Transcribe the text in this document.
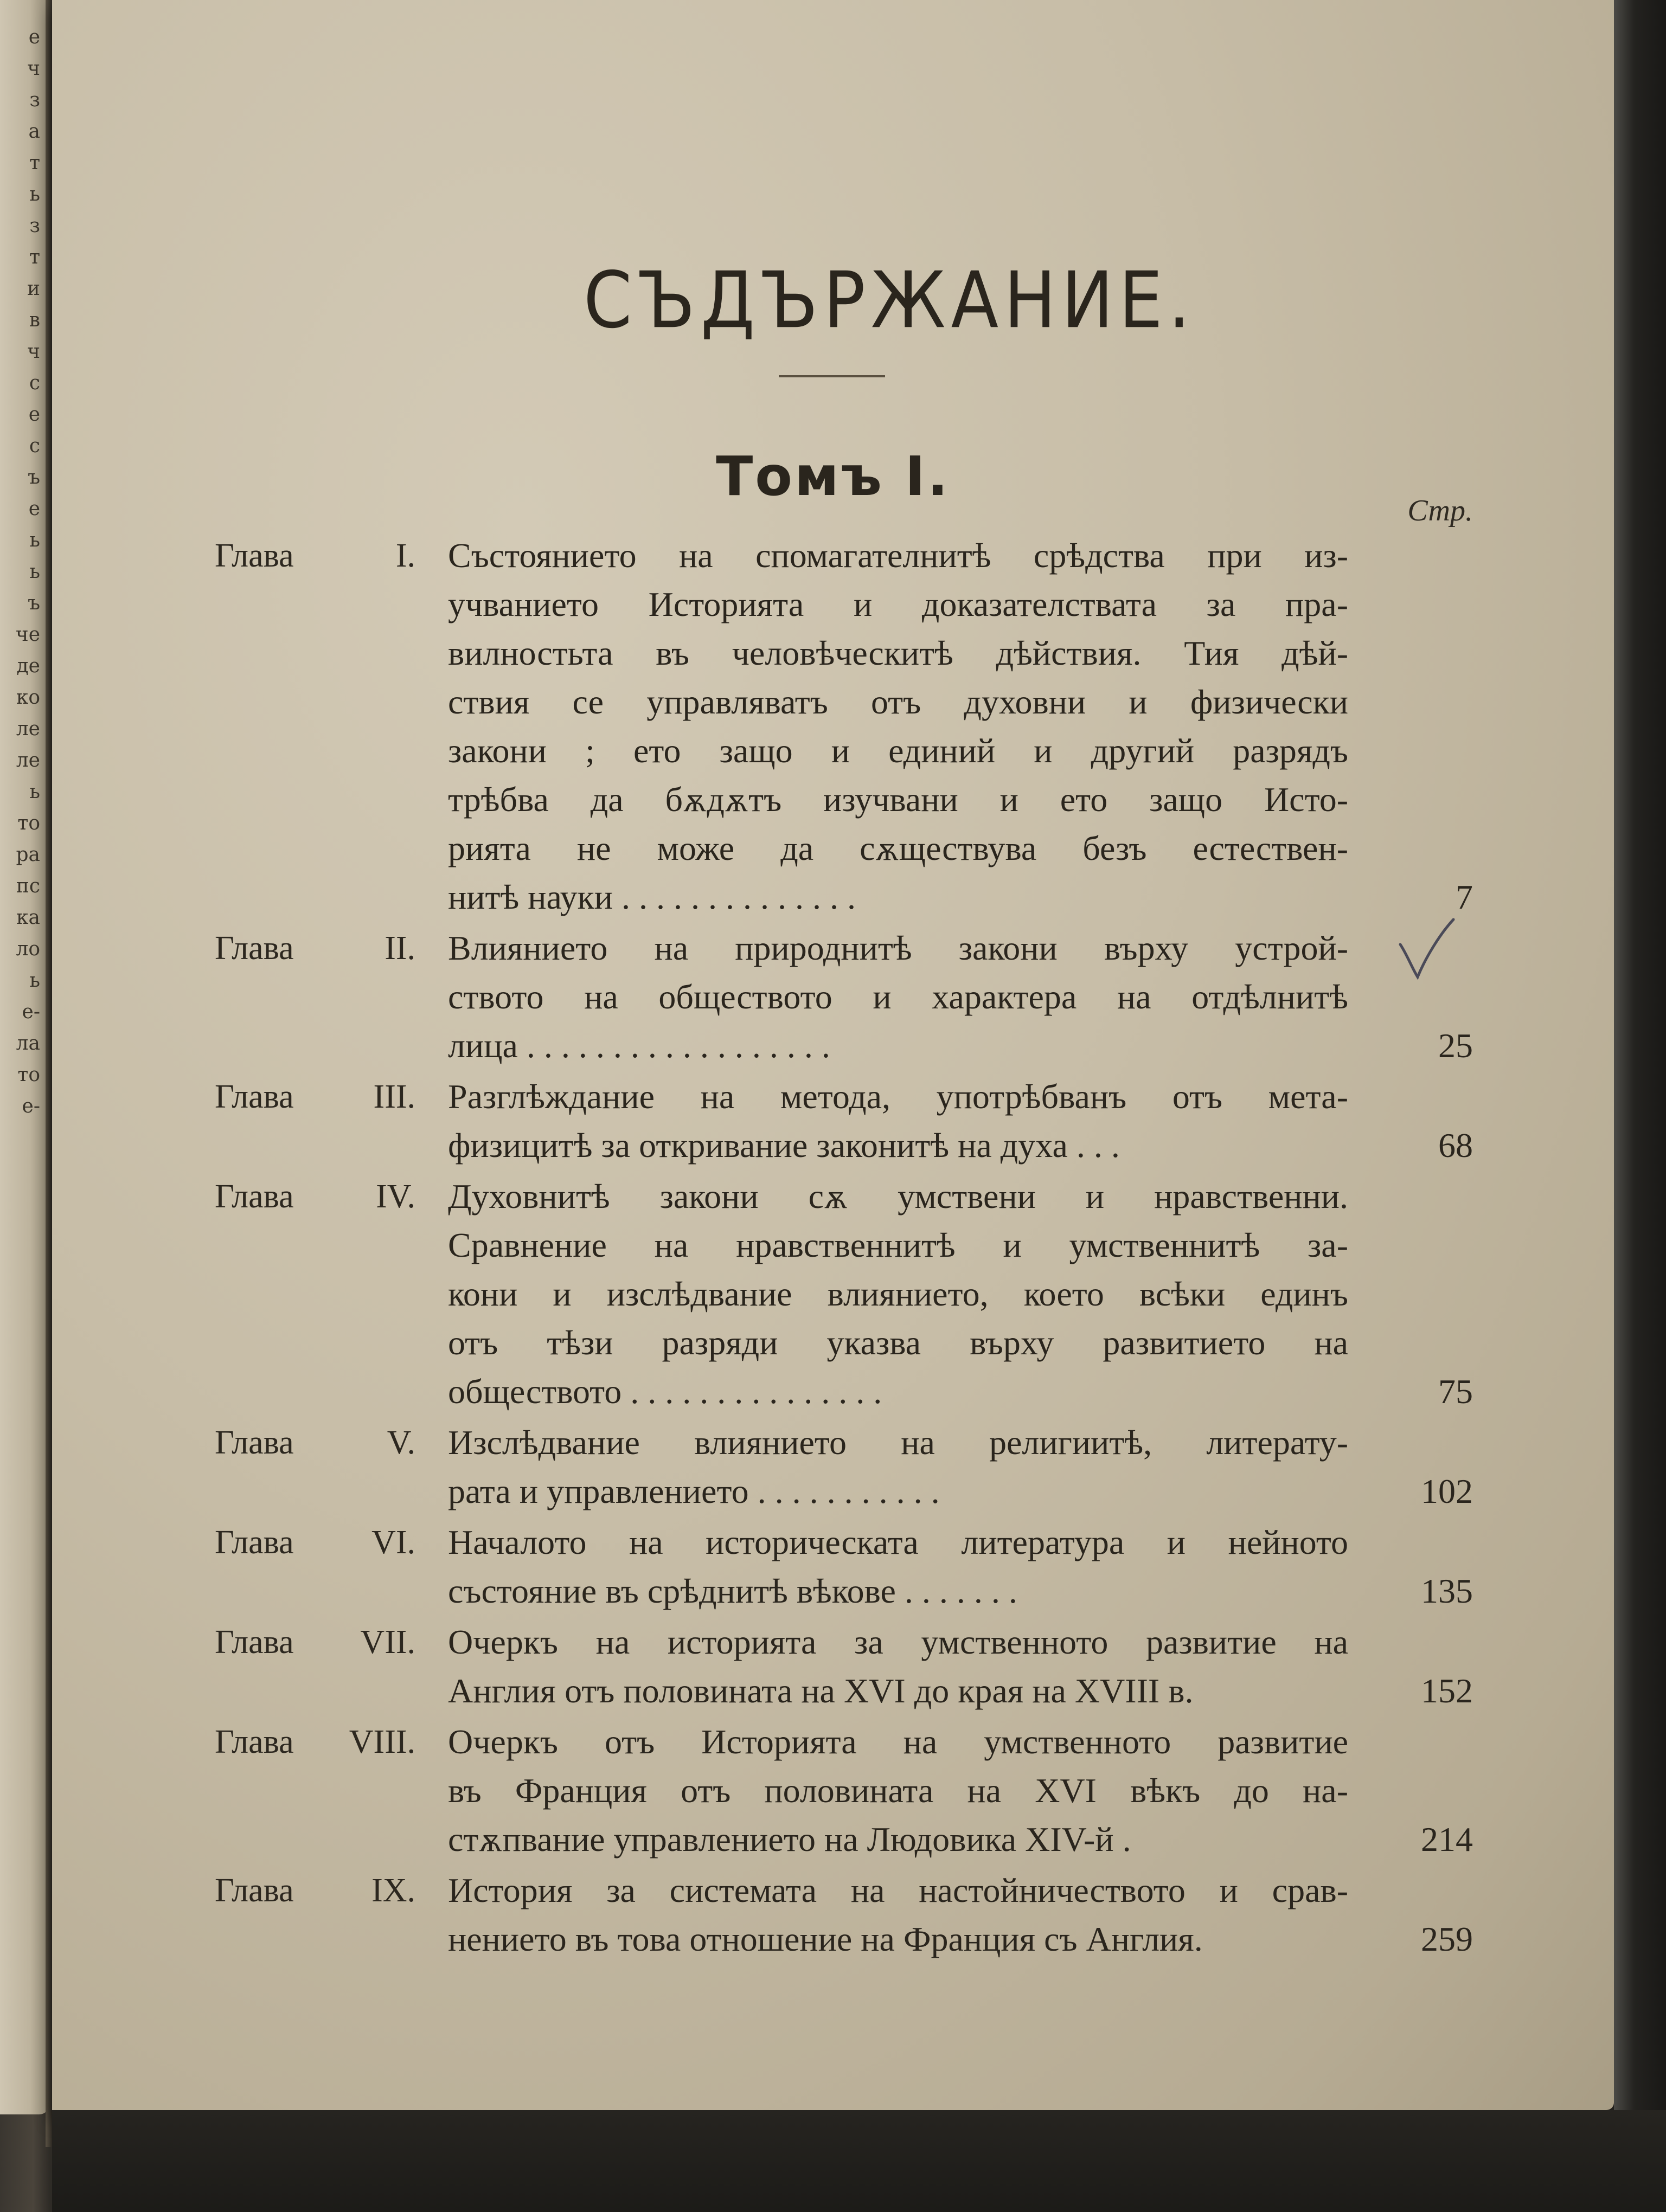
е
ч
з
а
т
ь
з
т
и
в
ч
с
е
с
ъ
е
ь
ь
ъ
че
де
ко
ле
ле
ь
то
ра
пс
ка
ло
ь
е-
ла
то
е-
СЪДЪРЖАНИЕ.
Томъ I.
Стр.
Глава	I. Състоянието на спомагателнитѣ срѣдства при из-
учванието Историята и доказателствата за пра-
вилностьта въ человѣческитѣ дѣйствия. Тия дѣй-
ствия се управляватъ отъ духовни и физически
закони ; ето защо и единий и другий разрядъ
трѣбва да бѫдѫтъ изучвани и ето защо Исто-
рията не може да сѫществува безъ естествен-
нитѣ науки . . . . . . . . . . . . . .	7
Глава	II. Влиянието на природнитѣ закони върху устрой-
ството на обществото и характера на отдѣлнитѣ
лица . . . . . . . . . . . . . . . . . .	25
Глава	III. Разглѣждание на метода, употрѣбванъ отъ мета-
физицитѣ за откривание законитѣ на духа . . .	68
Глава	IV. Духовнитѣ закони сѫ умствени и нравственни.
Сравнение на нравственнитѣ и умственнитѣ за-
кони и изслѣдвание влиянието, което всѣки единъ
отъ тѣзи разряди указва върху развитието на
обществото . . . . . . . . . . . . . . .	75
Глава	V. Изслѣдвание влиянието на религиитѣ, литерату-
рата и управлението . . . . . . . . . . .	102
Глава	VI. Началото на историческата литература и нейното
състояние въ срѣднитѣ вѣкове . . . . . . .	135
Глава	VII. Очеркъ на историята за умственното развитие на
Англия отъ половината на XVI до края на XVIII в.	152
Глава	VIII. Очеркъ отъ Историята на умственното развитие
въ Франция отъ половината на XVI вѣкъ до на-
стѫпвание управлението на Людовика XIV-й .	214
Глава	IX. История за системата на настойничеството и срав-
нението въ това отношение на Франция съ Англия.	259
